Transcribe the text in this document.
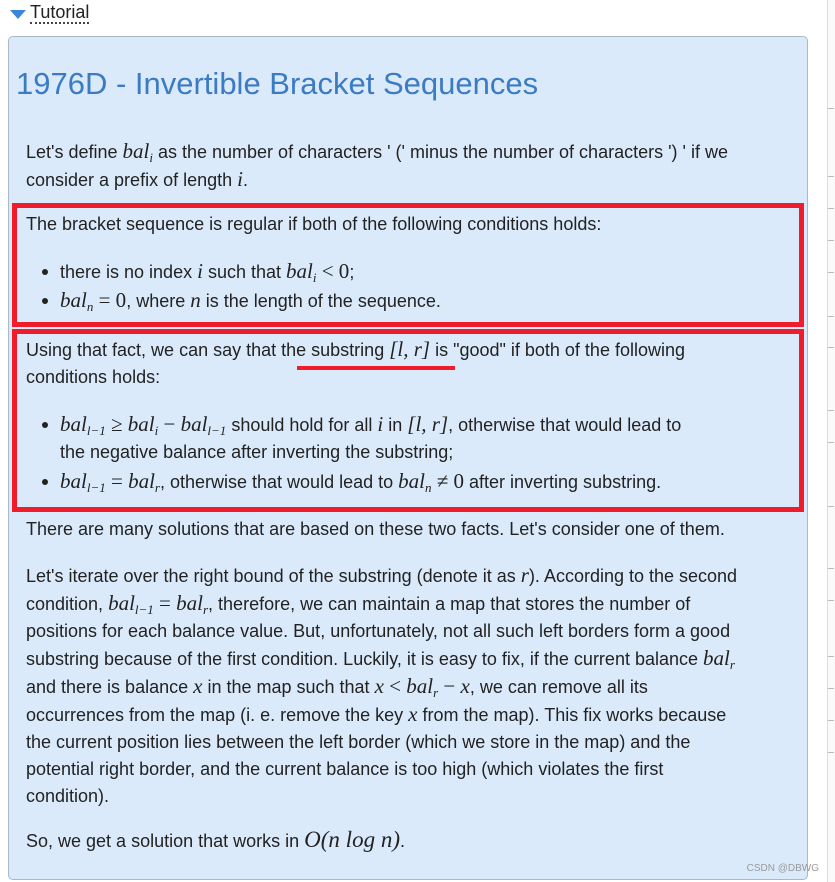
Tutorial
1976D - Invertible Bracket Sequences
Let's define bal$_i$ as the number of characters ' (' minus the number of characters ') ' if we
consider a prefix of length i.
The bracket sequence is regular if both of the following conditions holds:
there is no index i such that bal$_i$ < 0;
bal$_n$ = 0, where n is the length of the sequence.
Using that fact, we can say that the substring [l, r] is "good" if both of the following
conditions holds:
bal$_{l-1}$ ≥ bal$_i$ − bal$_{l-1}$ should hold for all i in [l, r], otherwise that would lead to
the negative balance after inverting the substring;
bal$_{l-1}$ = bal$_r$, otherwise that would lead to bal$_n$ ≠ 0 after inverting substring.
There are many solutions that are based on these two facts. Let's consider one of them.
Let's iterate over the right bound of the substring (denote it as r). According to the second
condition, bal$_{l-1}$ = bal$_r$, therefore, we can maintain a map that stores the number of
positions for each balance value. But, unfortunately, not all such left borders form a good
substring because of the first condition. Luckily, it is easy to fix, if the current balance bal$_r$
and there is balance x in the map such that x < bal$_r$ − x, we can remove all its
occurrences from the map (i. e. remove the key x from the map). This fix works because
the current position lies between the left border (which we store in the map) and the
potential right border, and the current balance is too high (which violates the first
condition).
So, we get a solution that works in O(n log n).
CSDN @DBWG
